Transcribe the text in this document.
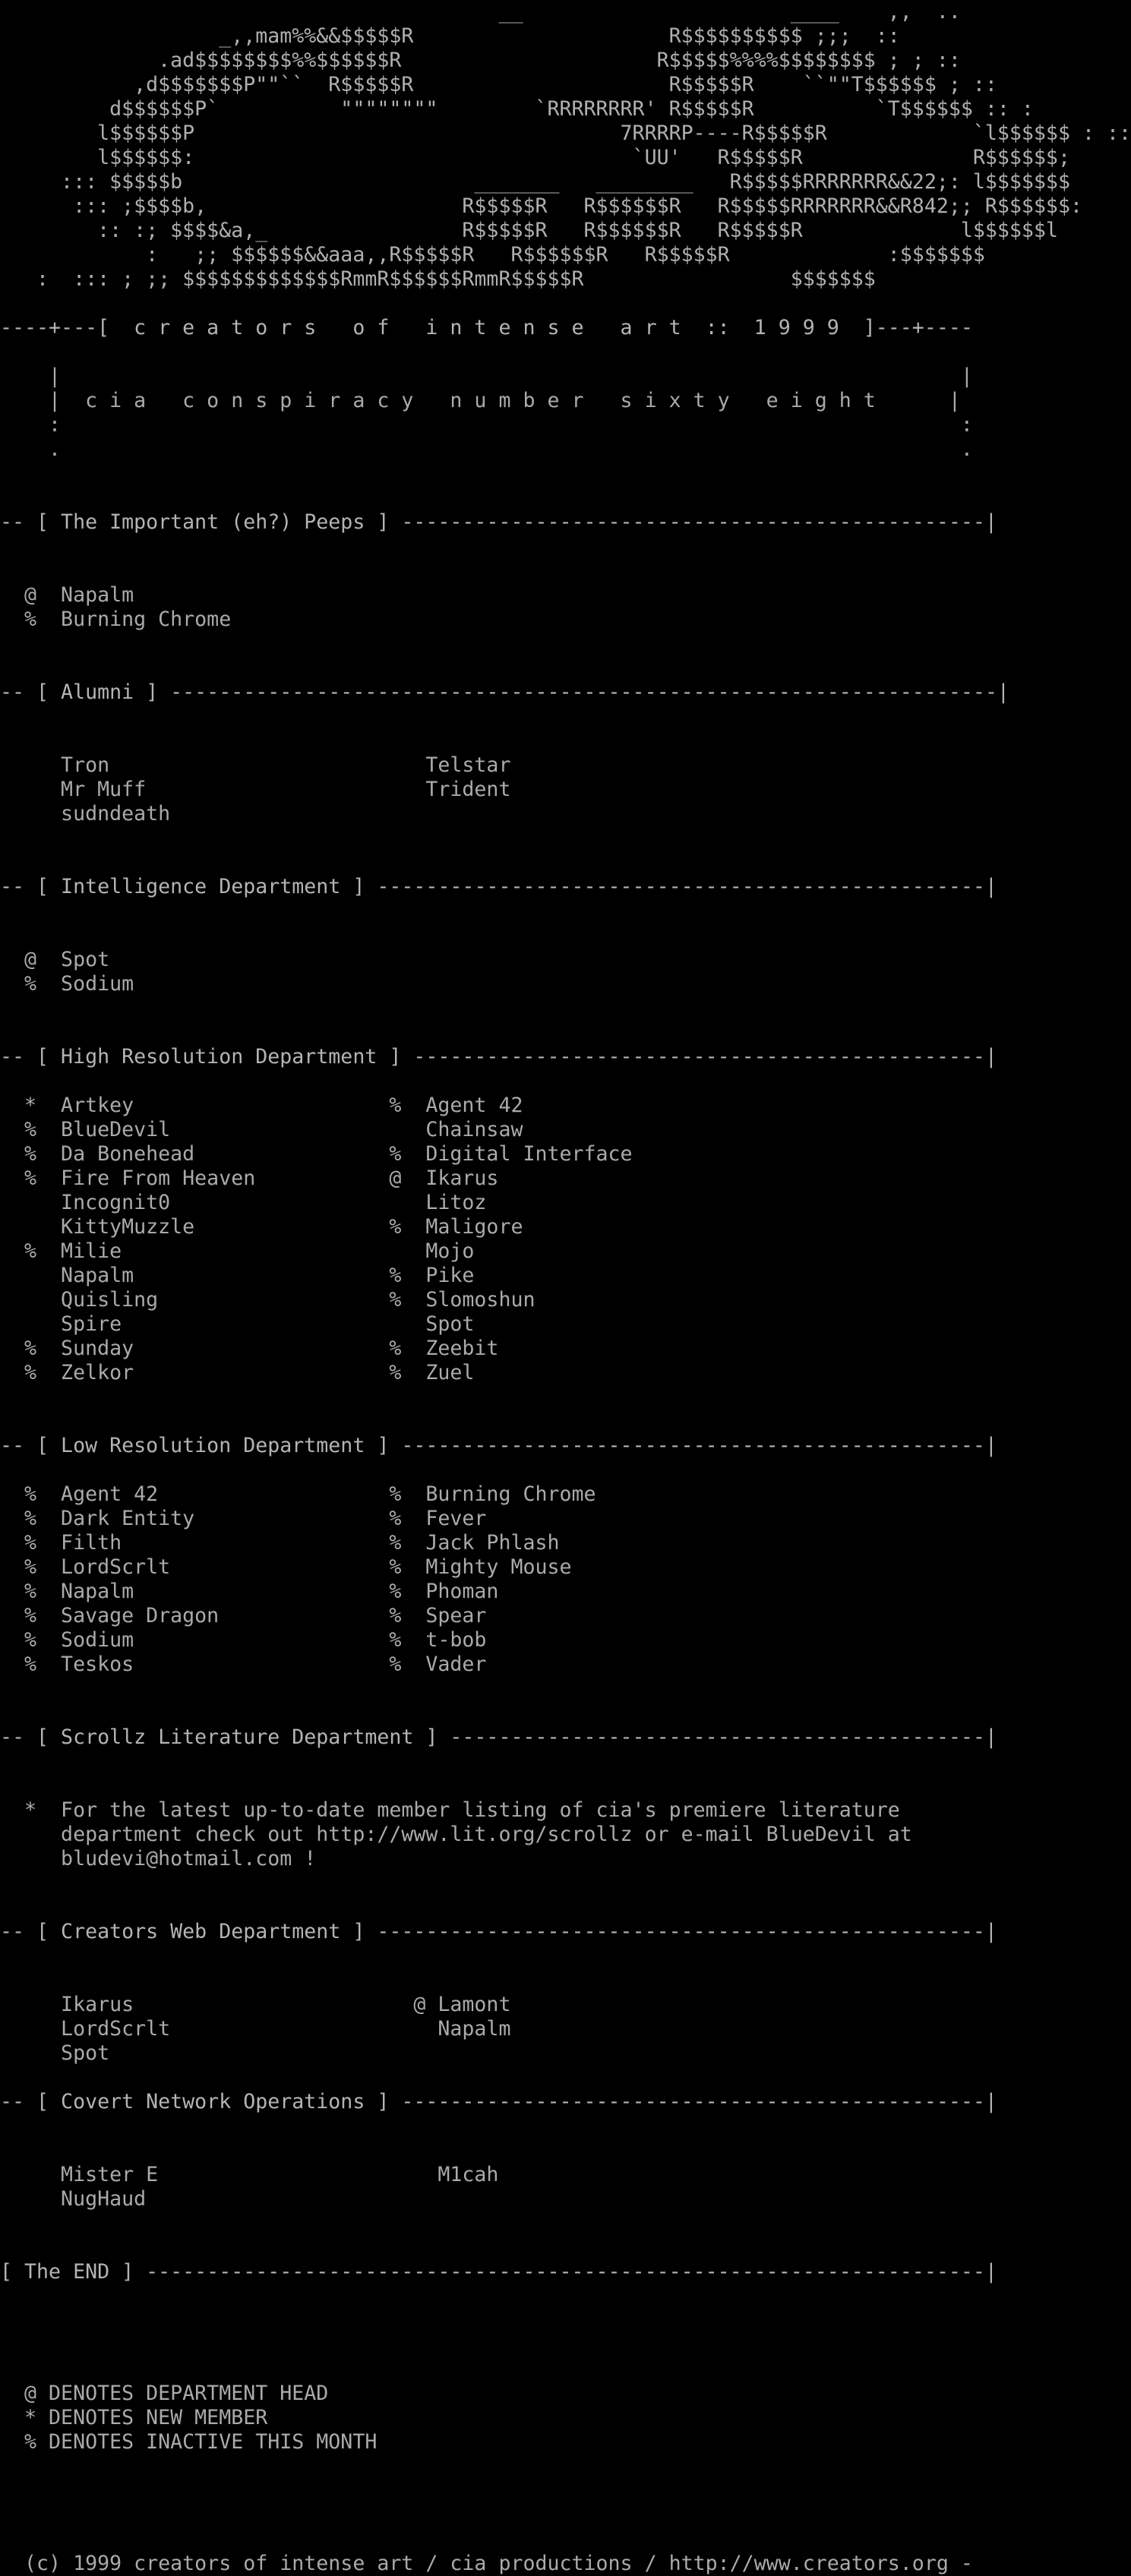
__                      ____    ,,  ..
_,,mam%%&&$$$$$R                     R$$$$$$$$$$ ;;;  ::
.ad$$$$$$$$%%$$$$$$R                     R$$$$$%%%%$$$$$$$$ ; ; ::
,d$$$$$$$P""``  R$$$$$R                     R$$$$$R    ``""T$$$$$$ ; ::
d$$$$$$P`          """"""""        `RRRRRRRR' R$$$$$R          `T$$$$$$ :: :
l$$$$$$P                                   7RRRRP----R$$$$$R            `l$$$$$$ : ::
l$$$$$$:                                    `UU'   R$$$$$R              R$$$$$$;
::: $$$$$b                        _______   ________   R$$$$$RRRRRRR&&22;: l$$$$$$$
::: ;$$$$b,                     R$$$$$R   R$$$$$$R   R$$$$$RRRRRRR&&R842;; R$$$$$$:
:: :; $$$$&a,_                R$$$$$R   R$$$$$$R   R$$$$$R             l$$$$$$l
:   ;; $$$$$$&&aaa,,R$$$$$R   R$$$$$$R   R$$$$$R             :$$$$$$$
:  ::: ; ;; $$$$$$$$$$$$$RmmR$$$$$$RmmR$$$$$R                 $$$$$$$
----+---[  c r e a t o r s   o f   i n t e n s e   a r t  ::  1 9 9 9  ]---+----
|                                                                          |
|  c i a   c o n s p i r a c y   n u m b e r   s i x t y   e i g h t      |
:                                                                          :
.                                                                          .
-- [ The Important (eh?) Peeps ] ------------------------------------------------|
@  Napalm
%  Burning Chrome
-- [ Alumni ] --------------------------------------------------------------------|
Tron                          Telstar
Mr Muff                       Trident
sudndeath
-- [ Intelligence Department ] --------------------------------------------------|
@  Spot
%  Sodium
-- [ High Resolution Department ] -----------------------------------------------|
*  Artkey                     %  Agent 42
%  BlueDevil                     Chainsaw
%  Da Bonehead                %  Digital Interface
%  Fire From Heaven           @  Ikarus
Incognit0                     Litoz
KittyMuzzle                %  Maligore
%  Milie                         Mojo
Napalm                     %  Pike
Quisling                   %  Slomoshun
Spire                         Spot
%  Sunday                     %  Zeebit
%  Zelkor                     %  Zuel
-- [ Low Resolution Department ] ------------------------------------------------|
%  Agent 42                   %  Burning Chrome
%  Dark Entity                %  Fever
%  Filth                      %  Jack Phlash
%  LordScrlt                  %  Mighty Mouse
%  Napalm                     %  Phoman
%  Savage Dragon              %  Spear
%  Sodium                     %  t-bob
%  Teskos                     %  Vader
-- [ Scrollz Literature Department ] --------------------------------------------|
*  For the latest up-to-date member listing of cia's premiere literature
department check out http://www.lit.org/scrollz or e-mail BlueDevil at
bludevi@hotmail.com !
-- [ Creators Web Department ] --------------------------------------------------|
Ikarus                       @ Lamont
LordScrlt                      Napalm
Spot
-- [ Covert Network Operations ] ------------------------------------------------|
Mister E                       M1cah
NugHaud
[ The END ] ---------------------------------------------------------------------|
@ DENOTES DEPARTMENT HEAD
* DENOTES NEW MEMBER
% DENOTES INACTIVE THIS MONTH
(c) 1999 creators of intense art / cia productions / http://www.creators.org -
